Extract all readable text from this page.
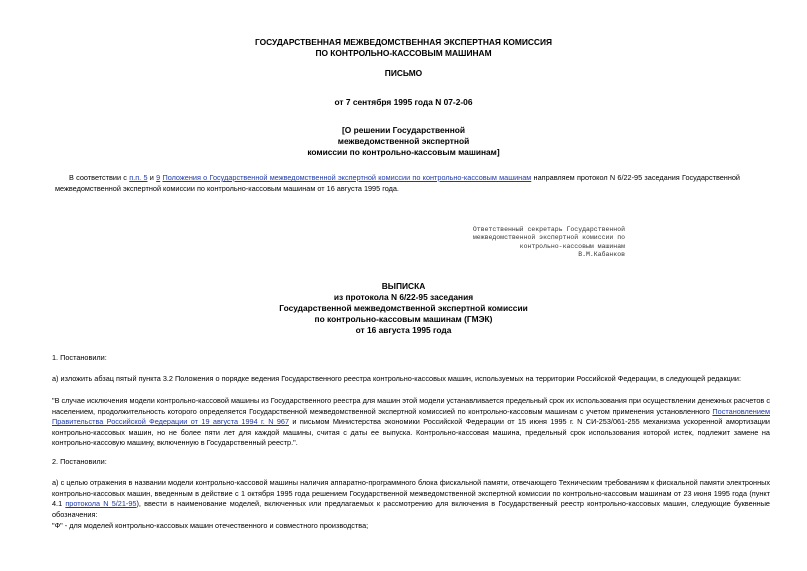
ГОСУДАРСТВЕННАЯ МЕЖВЕДОМСТВЕННАЯ ЭКСПЕРТНАЯ КОМИССИЯ
ПО КОНТРОЛЬНО-КАССОВЫМ МАШИНАМ
ПИСЬМО
от 7 сентября 1995 года N 07-2-06
[О решении Государственной
межведомственной экспертной
комиссии по контрольно-кассовым машинам]
В соответствии с п.п. 5 и 9 Положения о Государственной межведомственной экспертной комиссии по контрольно-кассовым машинам направляем протокол N 6/22-95 заседания Государственной межведомственной экспертной комиссии по контрольно-кассовым машинам от 16 августа 1995 года.
Ответственный секретарь Государственной
межведомственной экспертной комиссии по
контрольно-кассовым машинам
В.М.Кабанков
ВЫПИСКА
из протокола N 6/22-95 заседания
Государственной межведомственной экспертной комиссии
по контрольно-кассовым машинам (ГМЭК)
от 16 августа 1995 года
1. Постановили:
а) изложить абзац пятый пункта 3.2 Положения о порядке ведения Государственного реестра контрольно-кассовых машин, используемых на территории Российской Федерации, в следующей редакции:
"В случае исключения модели контрольно-кассовой машины из Государственного реестра для машин этой модели устанавливается предельный срок их использования при осуществлении денежных расчетов с населением, продолжительность которого определяется Государственной межведомственной экспертной комиссией по контрольно-кассовым машинам с учетом применения установленного Постановлением Правительства Российской Федерации от 19 августа 1994 г. N 967 и письмом Министерства экономики Российской Федерации от 15 июня 1995 г. N СИ-253/061-255 механизма ускоренной амортизации контрольно-кассовых машин, но не более пяти лет для каждой машины, считая с даты ее выпуска. Контрольно-кассовая машина, предельный срок использования которой истек, подлежит замене на контрольно-кассовую машину, включенную в Государственный реестр.".
2. Постановили:
а) с целью отражения в названии модели контрольно-кассовой машины наличия аппаратно-программного блока фискальной памяти, отвечающего Техническим требованиям к фискальной памяти электронных контрольно-кассовых машин, введенным в действие с 1 октября 1995 года решением Государственной межведомственной экспертной комиссии по контрольно-кассовым машинам от 23 июня 1995 года (пункт 4.1 протокола N 5/21-95), ввести в наименование моделей, включенных или предлагаемых к рассмотрению для включения в Государственный реестр контрольно-кассовых машин, следующие буквенные обозначения:
"Ф" - для моделей контрольно-кассовых машин отечественного и совместного производства;
